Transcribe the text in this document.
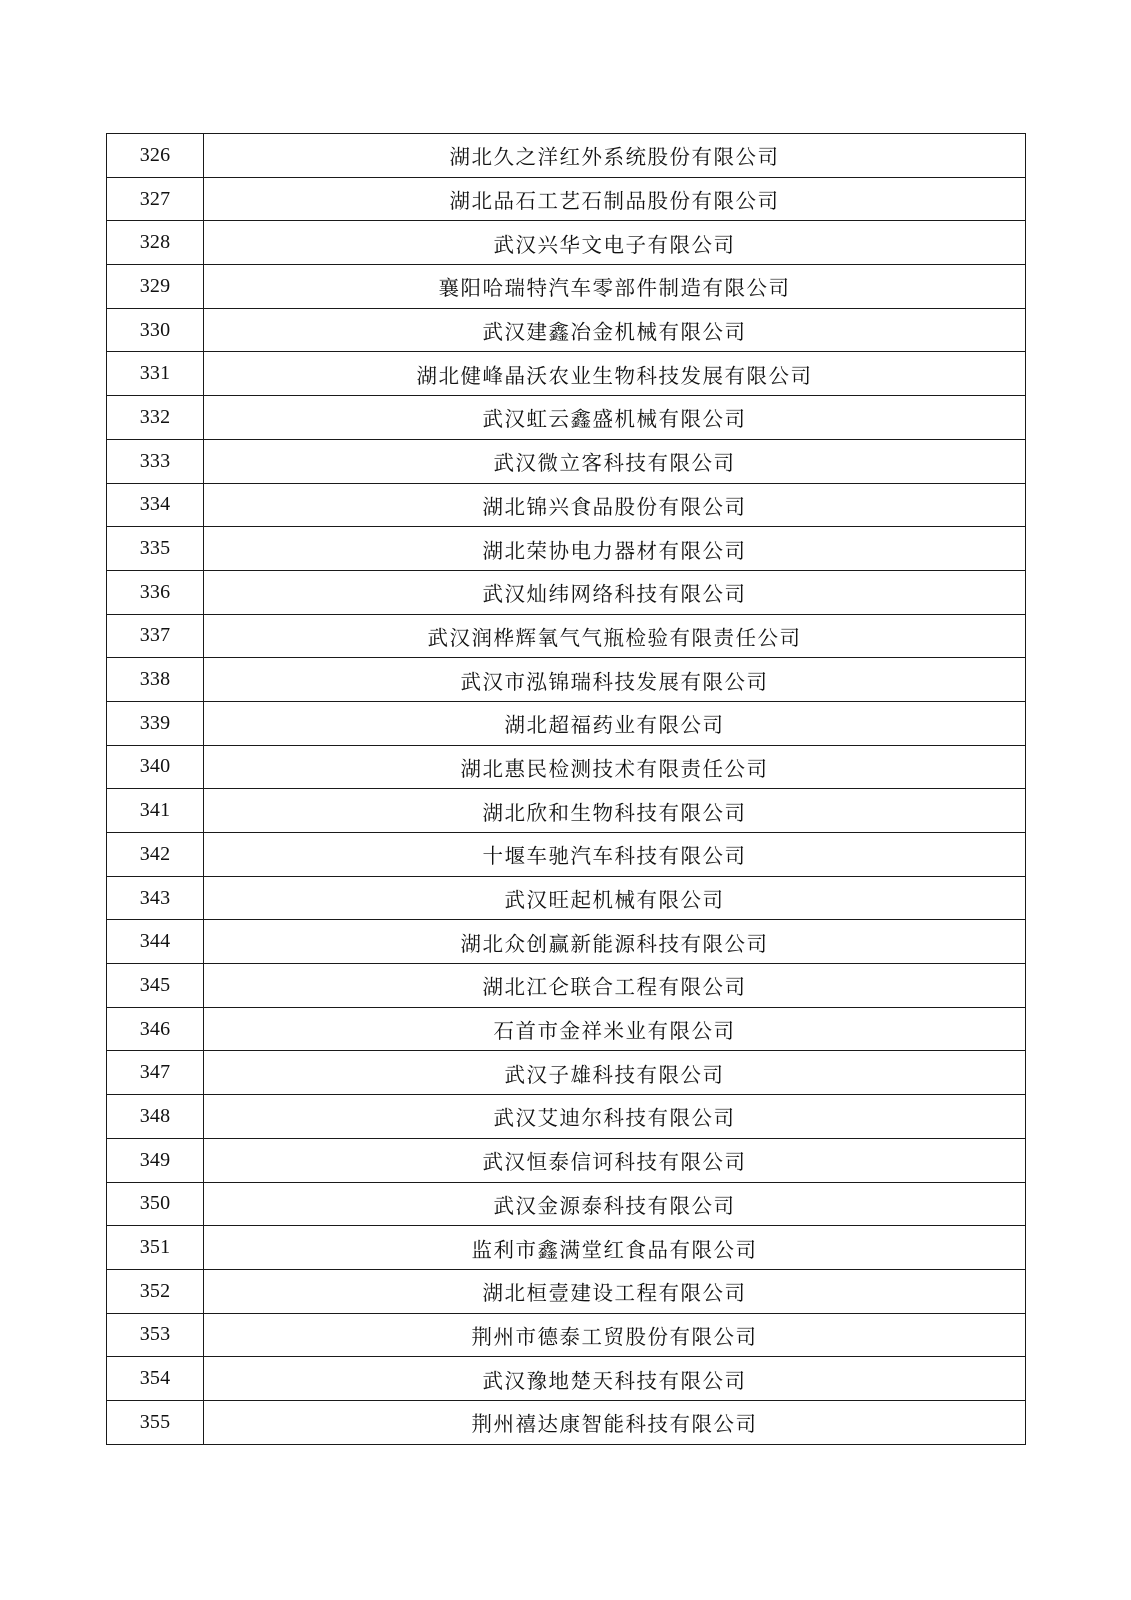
326	湖北久之洋红外系统股份有限公司
327	湖北品石工艺石制品股份有限公司
328	武汉兴华文电子有限公司
329	襄阳哈瑞特汽车零部件制造有限公司
330	武汉建鑫冶金机械有限公司
331	湖北健峰晶沃农业生物科技发展有限公司
332	武汉虹云鑫盛机械有限公司
333	武汉微立客科技有限公司
334	湖北锦兴食品股份有限公司
335	湖北荣协电力器材有限公司
336	武汉灿纬网络科技有限公司
337	武汉润桦辉氧气气瓶检验有限责任公司
338	武汉市泓锦瑞科技发展有限公司
339	湖北超福药业有限公司
340	湖北惠民检测技术有限责任公司
341	湖北欣和生物科技有限公司
342	十堰车驰汽车科技有限公司
343	武汉旺起机械有限公司
344	湖北众创赢新能源科技有限公司
345	湖北江仑联合工程有限公司
346	石首市金祥米业有限公司
347	武汉子雄科技有限公司
348	武汉艾迪尔科技有限公司
349	武汉恒泰信诃科技有限公司
350	武汉金源泰科技有限公司
351	监利市鑫满堂红食品有限公司
352	湖北桓壹建设工程有限公司
353	荆州市德泰工贸股份有限公司
354	武汉豫地楚天科技有限公司
355	荆州禧达康智能科技有限公司
